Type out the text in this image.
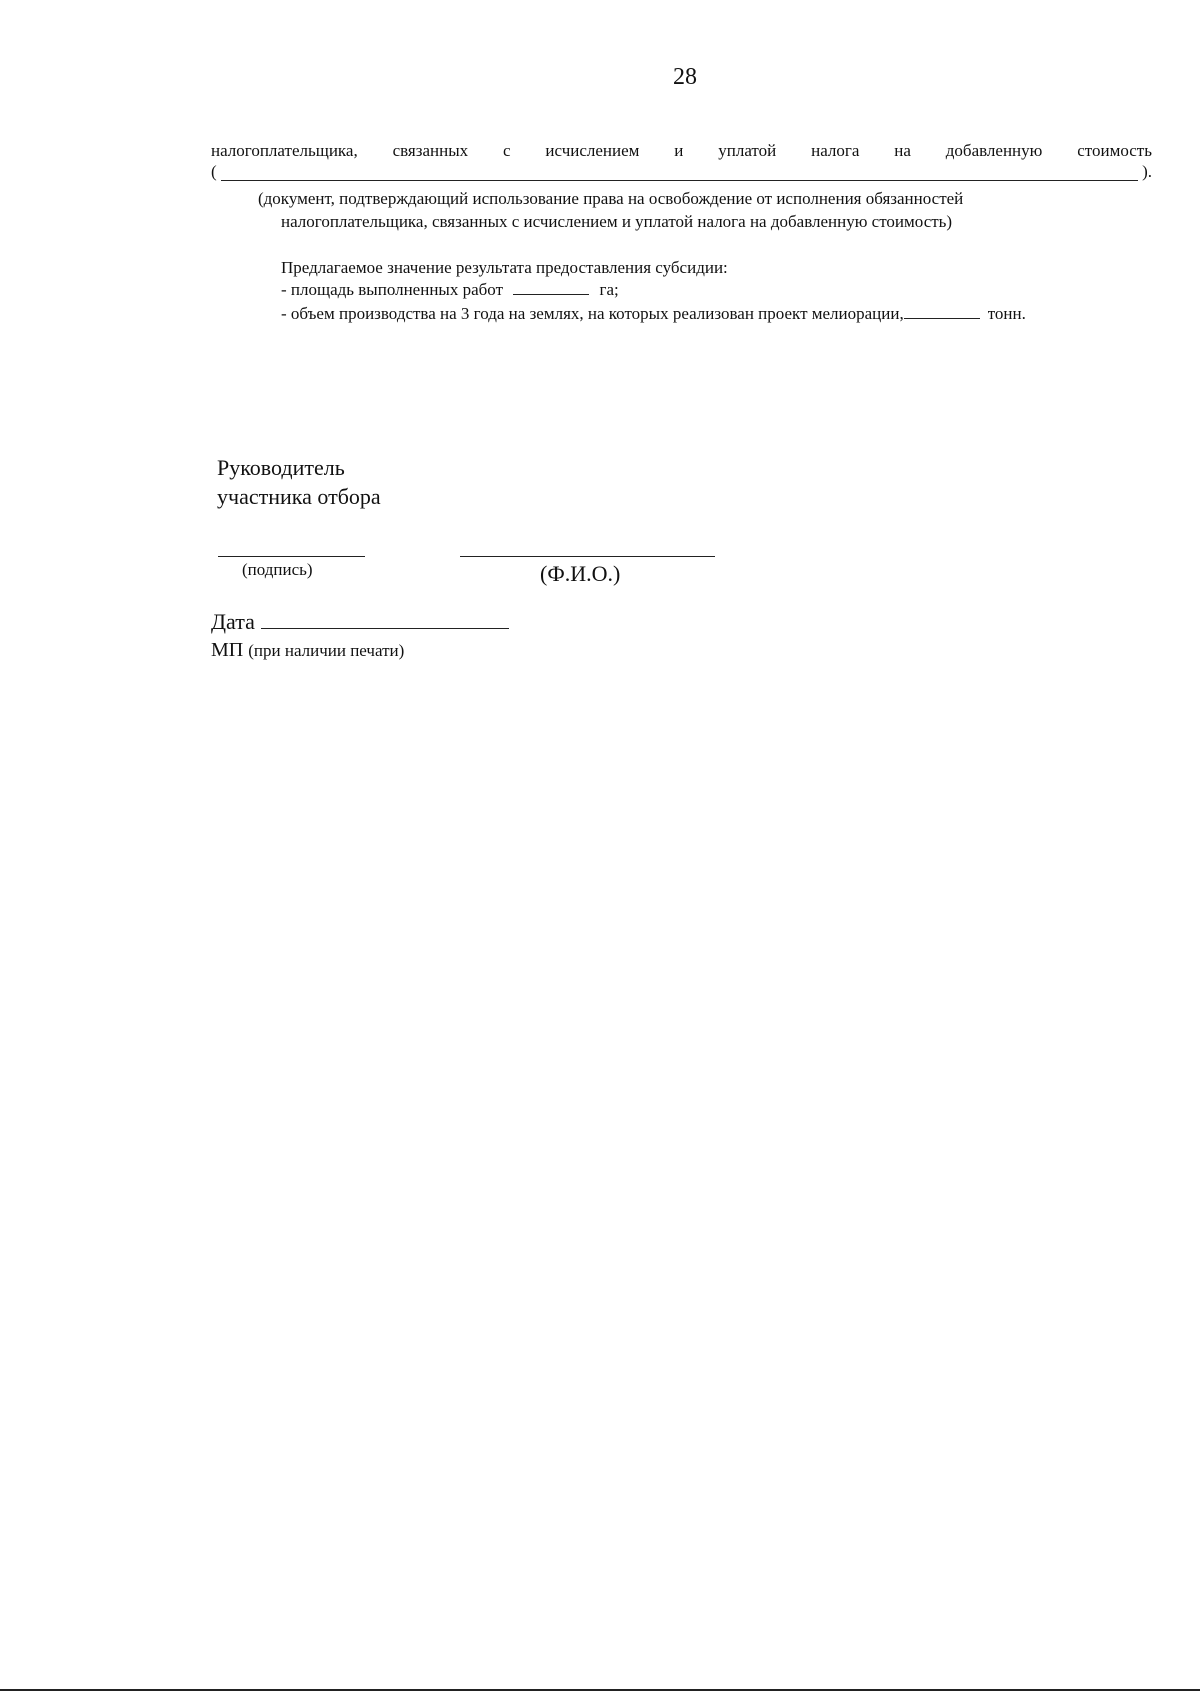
28
налогоплательщика, связанных с исчислением и уплатой налога на добавленную стоимость
(	).
(документ, подтверждающий использование права на освобождение от исполнения обязанностей
налогоплательщика, связанных с исчислением и уплатой налога на добавленную стоимость)
Предлагаемое значение результата предоставления субсидии:
- площадь выполненных работ	га;
- объем производства на 3 года на землях, на которых реализован проект мелиорации,	тонн.
Руководитель
участника отбора
(подпись)	(Ф.И.О.)
Дата
МП (при наличии печати)
